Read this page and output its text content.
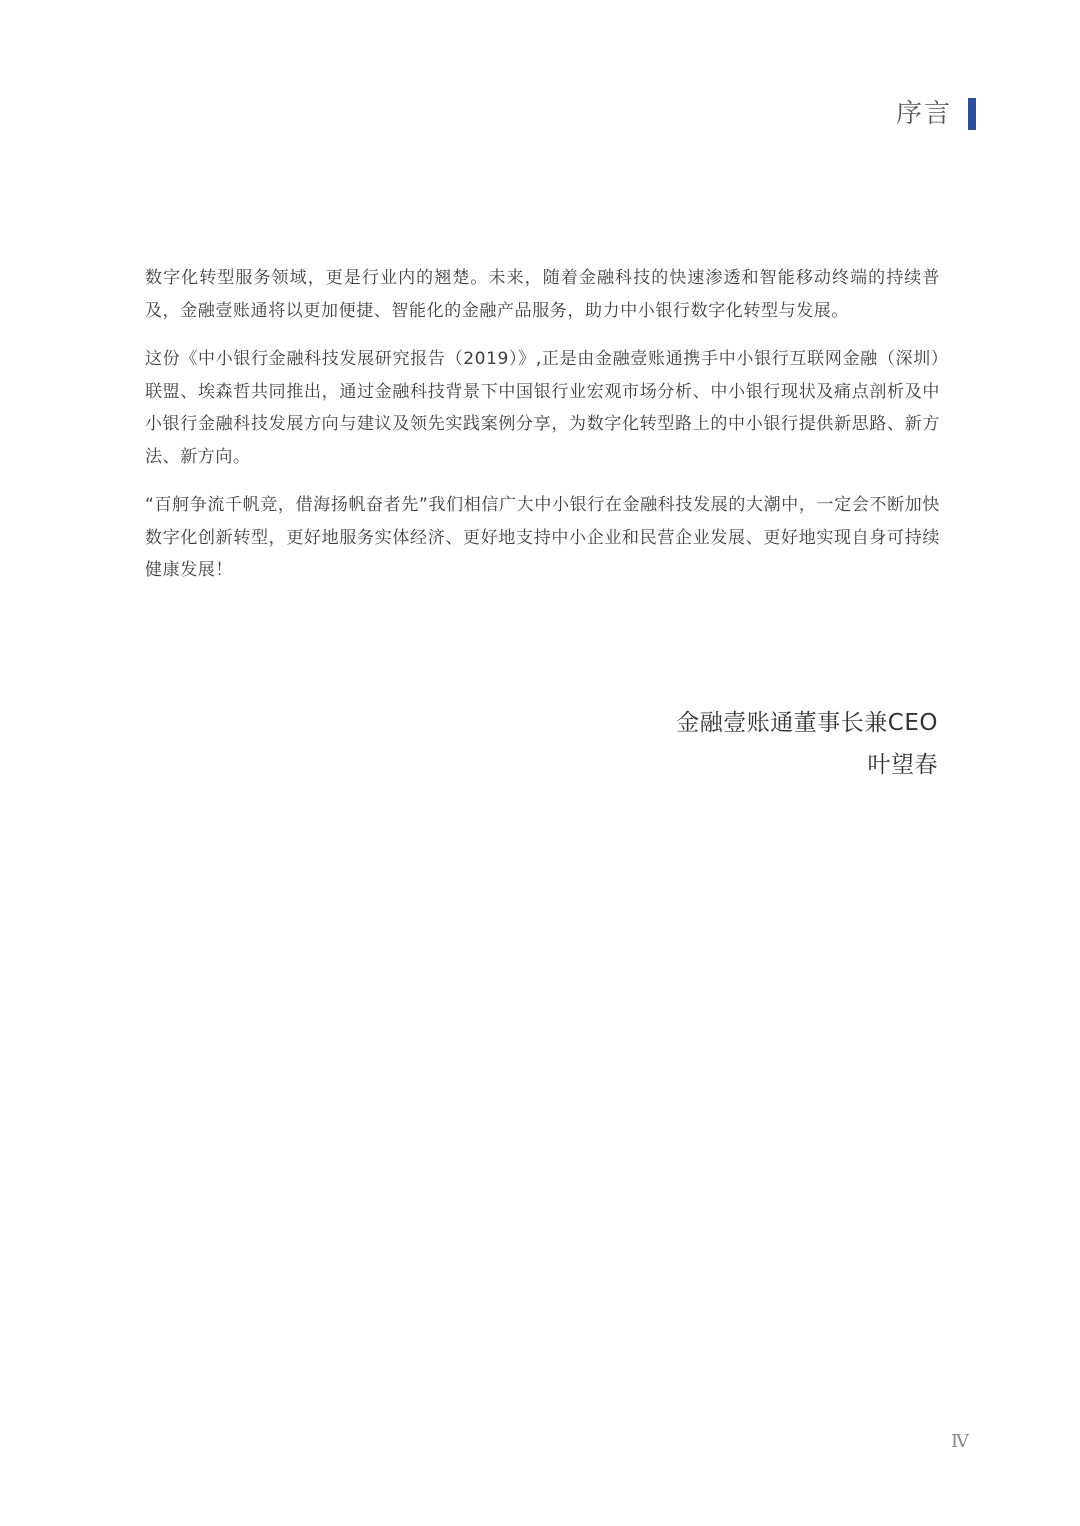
序言

数字化转型服务领域，更是行业内的翘楚。未来，随着金融科技的快速渗透和智能移动终端的持续普及，金融壹账通将以更加便捷、智能化的金融产品服务，助力中小银行数字化转型与发展。

这份《中小银行金融科技发展研究报告（2019）》,正是由金融壹账通携手中小银行互联网金融（深圳）联盟、埃森哲共同推出，通过金融科技背景下中国银行业宏观市场分析、中小银行现状及痛点剖析及中小银行金融科技发展方向与建议及领先实践案例分享，为数字化转型路上的中小银行提供新思路、新方法、新方向。

“百舸争流千帆竞，借海扬帆奋者先”我们相信广大中小银行在金融科技发展的大潮中，一定会不断加快数字化创新转型，更好地服务实体经济、更好地支持中小企业和民营企业发展、更好地实现自身可持续健康发展！

金融壹账通董事长兼CEO
叶望春
Ⅳ
